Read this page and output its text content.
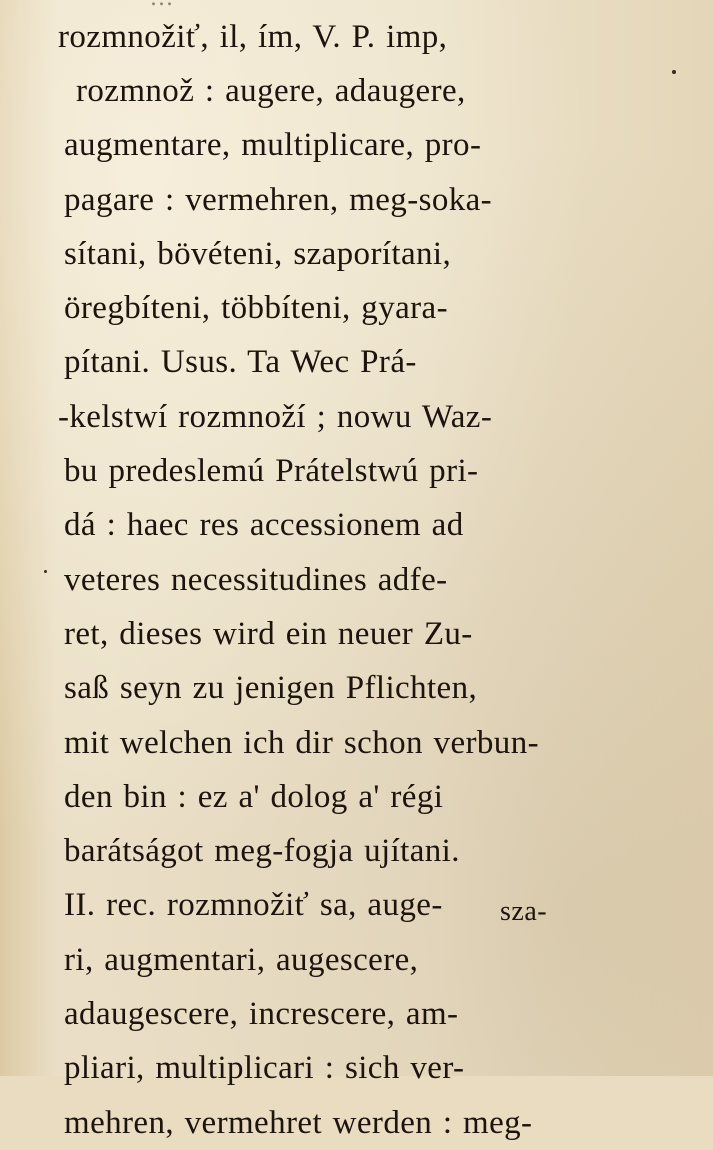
rozmnožiť, il, ím, V. P. imp,
rozmnož : augere, adaugere,
augmentare, multiplicare, pro-
pagare : vermehren, meg-soka-
sítani, bövéteni, szaporítani,
öregbíteni, többíteni, gyara-
pítani. Usus. Ta Wec Prá-
-kelstwí rozmnoží ; nowu Waz-
bu predeslemú Prátelstwú pri-
dá : haec res accessionem ad
veteres necessitudines adfe-
ret, dieses wird ein neuer Zu-
saß seyn zu jenigen Pflichten,
mit welchen ich dir schon verbun-
den bin : ez a' dolog a' régi
barátságot meg-fogja ujítani.
II. rec. rozmnožiť sa, auge-
ri, augmentari, augescere,
adaugescere, increscere, am-
pliari, multiplicari : sich ver-
mehren, vermehret werden : meg-
sza-
